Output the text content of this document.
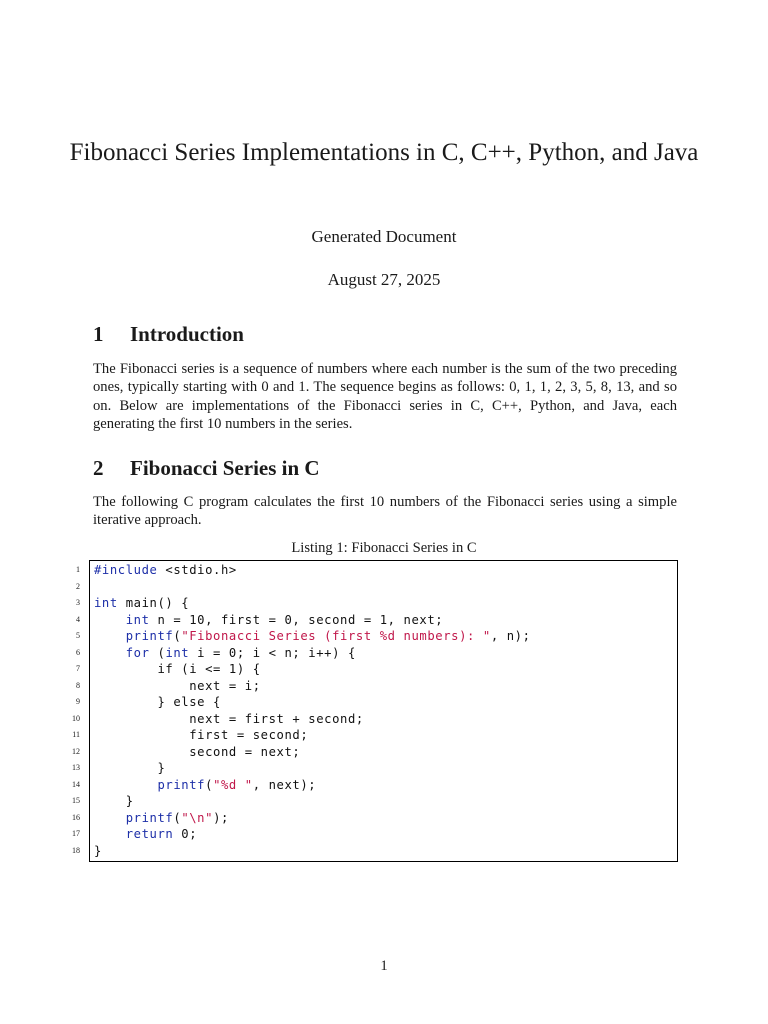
Fibonacci Series Implementations in C, C++, Python, and Java
Generated Document
August 27, 2025
1 Introduction

The Fibonacci series is a sequence of numbers where each number is the sum of the two preceding ones, typically starting with 0 and 1. The sequence begins as follows: 0, 1, 1, 2, 3, 5, 8, 13, and so on. Below are implementations of the Fibonacci series in C, C++, Python, and Java, each generating the first 10 numbers in the series.

2 Fibonacci Series in C

The following C program calculates the first 10 numbers of the Fibonacci series using a simple iterative approach.

Listing 1: Fibonacci Series in C
1
2
3
4
5
6
7
8
9
10
11
12
13
14
15
16
17
18
#include <stdio.h>
int main() {
int n = 10, first = 0, second = 1, next;
printf("Fibonacci Series (first %d numbers): ", n);
for (int i = 0; i < n; i++) {
if (i <= 1) {
next = i;
} else {
next = first + second;
first = second;
second = next;
}
printf("%d ", next);
}
printf("\n");
return 0;
}
1
